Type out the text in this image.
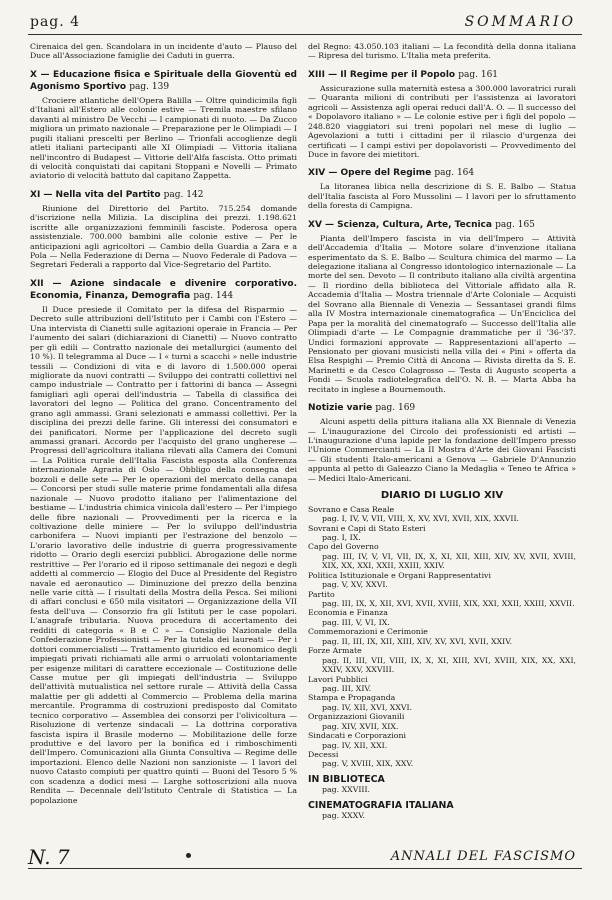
pag. 4	SOMMARIO

Cirenaica del gen. Scandolara in un incidente d'auto — Plauso del Duce all'Associazione famiglie dei Caduti in guerra.

X — Educazione fisica e Spirituale della Gioventù ed Agonismo Sportivo pag. 139

Crociere atlantiche dell'Opera Balilla — Oltre quindicimila figli d'Italiani all'Estero alle colonie estive — Tremila maestre sfilano davanti al ministro De Vecchi — I campionati di nuoto. — Da Zucco migliora un primato nazionale — Preparazione per le Olimpiadi — I pugili italiani prescelti per Berlino — Trionfali accoglienze degli atleti italiani partecipanti alle XI Olimpiadi — Vittoria italiana nell'incontro di Budapest — Vittorie dell'Alfa fascista. Otto primati di velocità conquistati dai capitani Stoppani e Novelli — Primato aviatorio di velocità battuto dal capitano Zappetta.

XI — Nella vita del Partito pag. 142

Riunione del Direttorio del Partito. 715.254 domande d'iscrizione nella Milizia. La disciplina dei prezzi. 1.198.621 iscritte alle organizzazioni femminili fasciste. Poderosa opera assistenziale. 700.000 bambini alle colonie estive — Per le anticipazioni agli agricoltori — Cambio della Guardia a Zara e a Pola — Nella Federazione di Derna — Nuovo Federale di Padova — Segretari Federali a rapporto dal Vice-Segretario del Partito.

XII — Azione sindacale e divenire corporativo. Economia, Finanza, Demografia pag. 144

Il Duce presiede il Comitato per la difesa del Risparmio — Decreto sulle attribuzioni dell'Istituto per i Cambi con l'Estero — Una intervista di Cianetti sulle agitazioni operaie in Francia — Per l'aumento dei salari (dichiarazioni di Cianetti) — Nuovo contratto per gli edili — Contratto nazionale dei metallurgici (aumento del 10 %). Il telegramma al Duce — I « turni a scacchi » nelle industrie tessili — Condizioni di vita e di lavoro di 1.500.000 operai migliorate da nuovi contratti — Sviluppo dei contratti collettivi nel campo industriale — Contratto per i fattorini di banca — Assegni famigliari agli operai dell'industria — Tabella di classifica dei lavoratori del legno — Politica del grano. Concentramento del grano agli ammassi. Grani selezionati e ammassi collettivi. Per la disciplina dei prezzi delle farine. Gli interessi dei consumatori e dei panificatori. Norme per l'applicazione del decreto sugli ammassi granari. Accordo per l'acquisto del grano ungherese — Progressi dell'agricoltura italiana rilevati alla Camera dei Comuni — La Politica rurale dell'Italia Fascista esposta alla Conferenza internazionale Agraria di Oslo — Obbligo della consegna dei bozzoli e delle sete — Per le operazioni del mercato della canapa — Concorsi per studi sulle materie prime fondamentali alla difesa nazionale — Nuovo prodotto italiano per l'alimentazione del bestiame — L'industria chimica vinicola dall'estero — Per l'impiego delle fibre nazionali — Provvedimenti per la ricerca e la coltivazione delle miniere — Per lo sviluppo dell'industria carbonifera — Nuovi impianti per l'estrazione del benzolo — L'orario lavorativo delle industrie di guerra progressivamente ridotto — Orario degli esercizi pubblici. Abrogazione delle norme restrittive — Per l'orario ed il riposo settimanale dei negozi e degli addetti al commercio — Elogio del Duce al Presidente del Registro navale ed aeronautico — Diminuzione del prezzo della benzina nelle varie città — I risultati della Mostra della Pesca. Sei milioni di affari conclusi e 650 mila visitatori — Organizzazione della VII festa dell'uva — Consorzio fra gli Istituti per le case popolari. L'anagrafe tributaria. Nuova procedura di accertamento dei redditi di categoria « B e C » — Consiglio Nazionale della Confederazione Professionisti — Per la tutela dei laureati — Per i dottori commercialisti — Trattamento giuridico ed economico degli impiegati privati richiamati alle armi o arruolati volontariamente per esigenze militari di carattere eccezionale — Costituzione delle Casse mutue per gli impiegati dell'industria — Sviluppo dell'attività mutualistica nel settore rurale — Attività della Cassa malattie per gli addetti al Commercio — Problema della marina mercantile. Programma di costruzioni predisposto dal Comitato tecnico corporativo — Assemblea dei consorzi per l'olivicoltura — Risoluzione di vertenze sindacali — La dottrina corporativa fascista ispira il Brasile moderno — Mobilitazione delle forze produttive e del lavoro per la bonifica ed i rimboschimenti dell'Impero. Comunicazioni alla Giunta Consultiva — Regime delle importazioni. Elenco delle Nazioni non sanzioniste — I lavori del nuovo Catasto compiuti per quattro quinti — Buoni del Tesoro 5 % con scadenza a dodici mesi — Larghe sottoscrizioni alla nuova Rendita — Decennale dell'Istituto Centrale di Statistica — La popolazione

del Regno: 43.050.103 italiani — La fecondità della donna italiana — Ripresa del turismo. L'Italia meta preferita.

XIII — Il Regime per il Popolo pag. 161

Assicurazione sulla maternità estesa a 300.000 lavoratrici rurali — Quaranta milioni di contributi per l'assistenza ai lavoratori agricoli — Assistenza agli operai reduci dall'A. O. — Il successo del « Dopolavoro italiano » — Le colonie estive per i figli del popolo — 248.820 viaggiatori sui treni popolari nel mese di luglio — Agevolazioni a tutti i cittadini per il rilascio d'urgenza dei certificati — I campi estivi per dopolavoristi — Provvedimento del Duce in favore dei mietitori.

XIV — Opere del Regime pag. 164

La litoranea libica nella descrizione di S. E. Balbo — Statua dell'Italia fascista al Foro Mussolini — I lavori per lo sfruttamento della foresta di Campigna.

XV — Scienza, Cultura, Arte, Tecnica pag. 165

Pianta dell'Impero fascista in via dell'Impero — Attività dell'Accademia d'Italia — Motore solare d'invenzione italiana esperimentato da S. E. Balbo — Scultura chimica del marmo — La delegazione italiana al Congresso idontologico internazionale — La morte del sen. Devoto — Il contributo italiano alla civiltà argentina — Il riordino della biblioteca del Vittoriale affidato alla R. Accademia d'Italia — Mostra triennale d'Arte Coloniale — Acquisti del Sovrano alla Biennale di Venezia — Sessantasei grandi films alla IV Mostra internazionale cinematografica — Un'Enciclica del Papa per la moralità del cinematografo — Successo dell'Italia alle Olimpiadi d'arte — Le Compagnie drammatiche per il '36-'37. Undici formazioni approvate — Rappresentazioni all'aperto — Pensionato per giovani musicisti nella villa dei « Pini » offerta da Elsa Respighi — Premio Città di Ancona — Rivista diretta da S. E. Marinetti e da Cesco Colagrosso — Testa di Augusto scoperta a Fondi — Scuola radiotelegrafica dell'O. N. B. — Marta Abba ha recitato in inglese a Bournemouth.

Notizie varie pag. 169

Alcuni aspetti della pittura italiana alla XX Biennale di Venezia — L'inaugurazione del Circolo dei professionisti ed artisti — L'inaugurazione d'una lapide per la fondazione dell'Impero presso l'Unione Commercianti — La II Mostra d'Arte dei Giovani Fascisti — Gli studenti Italo-americani a Genova — Gabriele D'Annunzio appunta al petto di Galeazzo Ciano la Medaglia « Teneo te Africa » — Medici Italo-Americani.

DIARIO DI LUGLIO XIV
Sovrano e Casa Reale
pag. I, IV, V, VII, VIII, X, XV, XVI, XVII, XIX, XXVII.
Sovrani e Capi di Stato Esteri
pag. I, IX.
Capo del Governo
pag. III, IV, V, VI, VII, IX, X, XI, XII, XIII, XIV, XV, XVII, XVIII, XIX, XX, XXI, XXII, XXIII, XXIV.
Politica Istituzionale e Organi Rappresentativi
pag. V, XV, XXVI.
Partito
pag. III, IX, X, XII, XVI, XVII, XVIII, XIX, XXI, XXII, XXIII, XXVII.
Economia e Finanza
pag. III, V, VI, IX.
Commemorazioni e Cerimonie
pag. II, III, IX, XII, XIII, XIV, XV, XVI, XVII, XXIV.
Forze Armate
pag. II, III, VII, VIII, IX, X, XI, XIII, XVI, XVIII, XIX, XX, XXI, XXIV, XXV, XXVIII.
Lavori Pubblici
pag. III, XIV.
Stampa e Propaganda
pag. IV, XII, XVI, XXVI.
Organizzazioni Giovanili
pag. XIV, XVII, XIX.
Sindacati e Corporazioni
pag. IV, XII, XXI.
Decessi
pag. V, XVIII, XIX, XXV.
IN BIBLIOTECA
pag. XXVIII.
CINEMATOGRAFIA ITALIANA
pag. XXXV.
N. 7	ANNALI DEL FASCISMO
